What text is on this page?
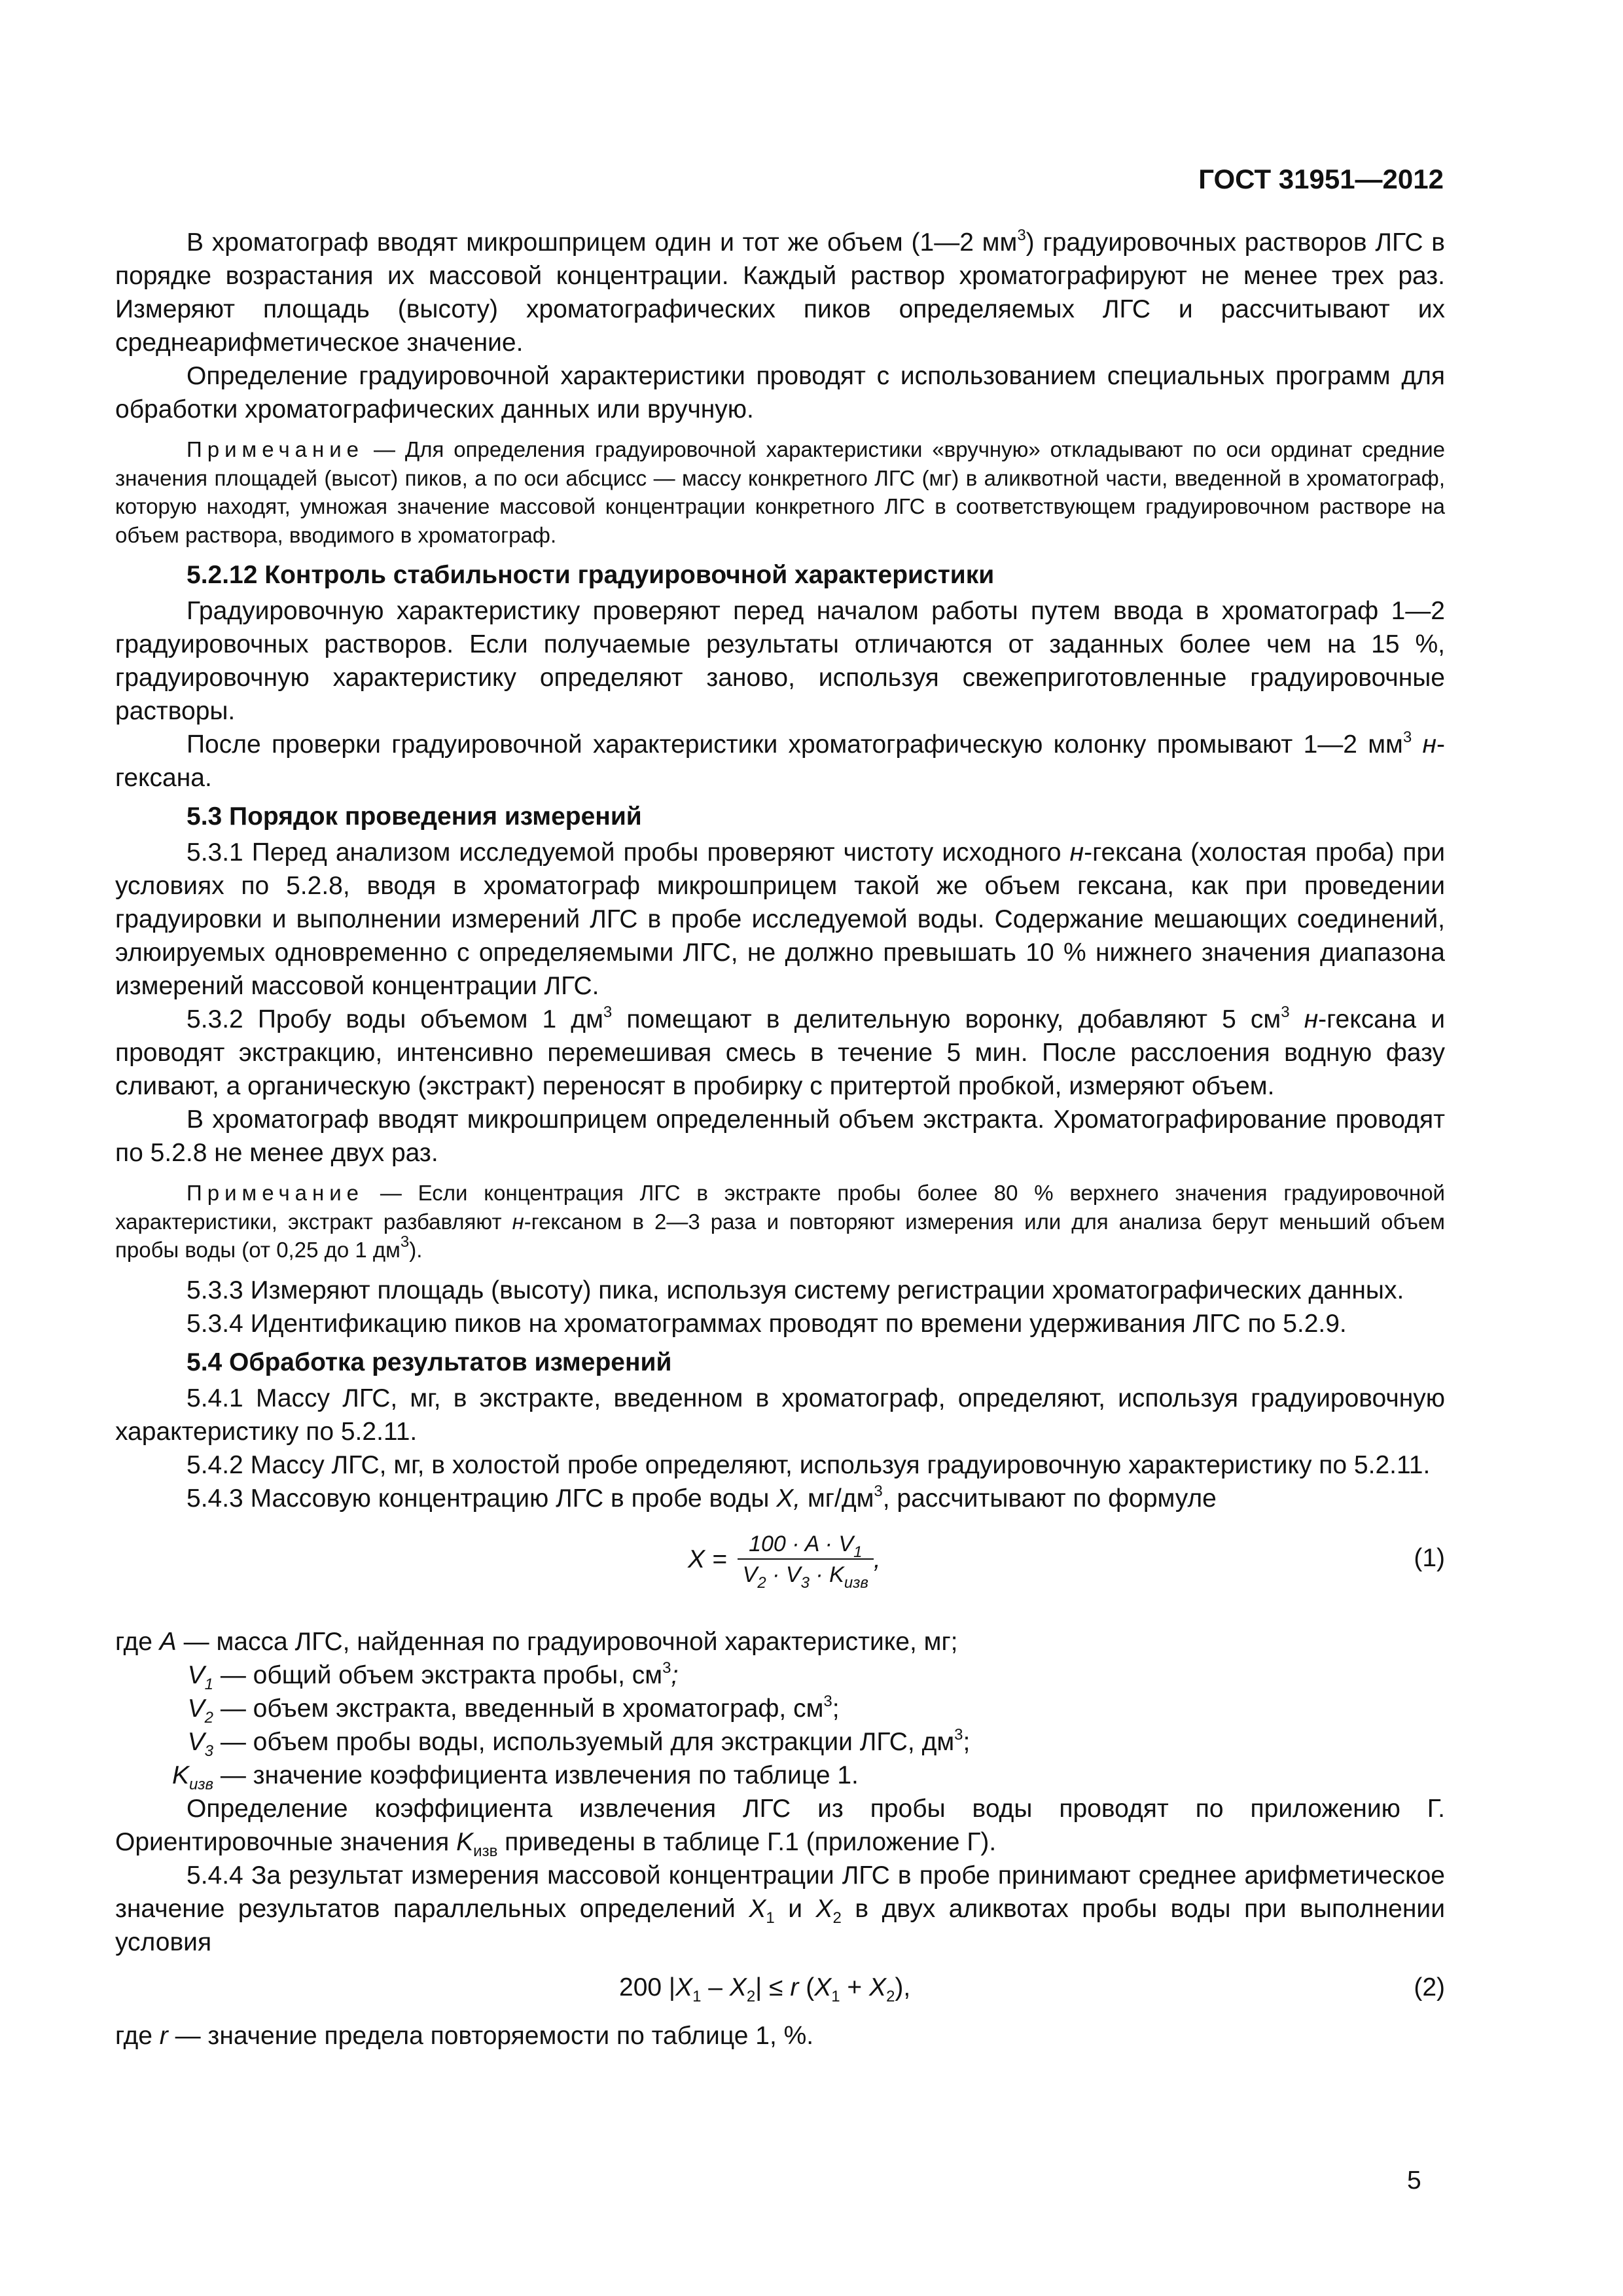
ГОСТ 31951—2012

В хроматограф вводят микрошприцем один и тот же объем (1—2 $мм^3$) градуировочных растворов ЛГС в порядке возрастания их массовой концентрации. Каждый раствор хроматографируют не менее трех раз. Измеряют площадь (высоту) хроматографических пиков определяемых ЛГС и рассчитывают их среднеарифметическое значение.

Определение градуировочной характеристики проводят с использованием специальных программ для обработки хроматографических данных или вручную.

Примечание — Для определения градуировочной характеристики «вручную» откладывают по оси ординат средние значения площадей (высот) пиков, а по оси абсцисс — массу конкретного ЛГС (мг) в аликвотной части, введенной в хроматограф, которую находят, умножая значение массовой концентрации конкретного ЛГС в соответствующем градуировочном растворе на объем раствора, вводимого в хроматограф.

5.2.12 Контроль стабильности градуировочной характеристики

Градуировочную характеристику проверяют перед началом работы путем ввода в хроматограф 1—2 градуировочных растворов. Если получаемые результаты отличаются от заданных более чем на 15 %, градуировочную характеристику определяют заново, используя свежеприготовленные градуировочные растворы.

После проверки градуировочной характеристики хроматографическую колонку промывают 1—2 $мм^3$ н-гексана.

5.3 Порядок проведения измерений

5.3.1 Перед анализом исследуемой пробы проверяют чистоту исходного н-гексана (холостая проба) при условиях по 5.2.8, вводя в хроматограф микрошприцем такой же объем гексана, как при проведении градуировки и выполнении измерений ЛГС в пробе исследуемой воды. Содержание мешающих соединений, элюируемых одновременно с определяемыми ЛГС, не должно превышать 10 % нижнего значения диапазона измерений массовой концентрации ЛГС.

5.3.2 Пробу воды объемом 1 $дм^3$ помещают в делительную воронку, добавляют 5 $см^3$ н-гексана и проводят экстракцию, интенсивно перемешивая смесь в течение 5 мин. После расслоения водную фазу сливают, а органическую (экстракт) переносят в пробирку с притертой пробкой, измеряют объем.

В хроматограф вводят микрошприцем определенный объем экстракта. Хроматографирование проводят по 5.2.8 не менее двух раз.

Примечание — Если концентрация ЛГС в экстракте пробы более 80 % верхнего значения градуировочной характеристики, экстракт разбавляют н-гексаном в 2—3 раза и повторяют измерения или для анализа берут меньший объем пробы воды (от 0,25 до 1 $дм^3$).

5.3.3 Измеряют площадь (высоту) пика, используя систему регистрации хроматографических данных.

5.3.4 Идентификацию пиков на хроматограммах проводят по времени удерживания ЛГС по 5.2.9.

5.4 Обработка результатов измерений

5.4.1 Массу ЛГС, мг, в экстракте, введенном в хроматограф, определяют, используя градуировочную характеристику по 5.2.11.

5.4.2 Массу ЛГС, мг, в холостой пробе определяют, используя градуировочную характеристику по 5.2.11.

5.4.3 Массовую концентрацию ЛГС в пробе воды X, $мг/дм^3$, рассчитывают по формуле

$X = \frac{100 \cdot A \cdot V_1}{V_2 \cdot V_3 \cdot K_{изв}}$ ,	(1)

где A — масса ЛГС, найденная по градуировочной характеристике, мг;

$V_1$ — общий объем экстракта пробы, $см^3$;

$V_2$ — объем экстракта, введенный в хроматограф, $см^3$;

$V_3$ — объем пробы воды, используемый для экстракции ЛГС, $дм^3$;

$K_{изв}$ — значение коэффициента извлечения по таблице 1.

Определение коэффициента извлечения ЛГС из пробы воды проводят по приложению Г. Ориентировочные значения $K_{изв}$ приведены в таблице Г.1 (приложение Г).

5.4.4 За результат измерения массовой концентрации ЛГС в пробе принимают среднее арифметическое значение результатов параллельных определений $X_1$ и $X_2$ в двух аликвотах пробы воды при выполнении условия

200 $|X_1 - X_2| \le r$ $(X_1 + X_2)$,	(2)

где r — значение предела повторяемости по таблице 1, %.

5
